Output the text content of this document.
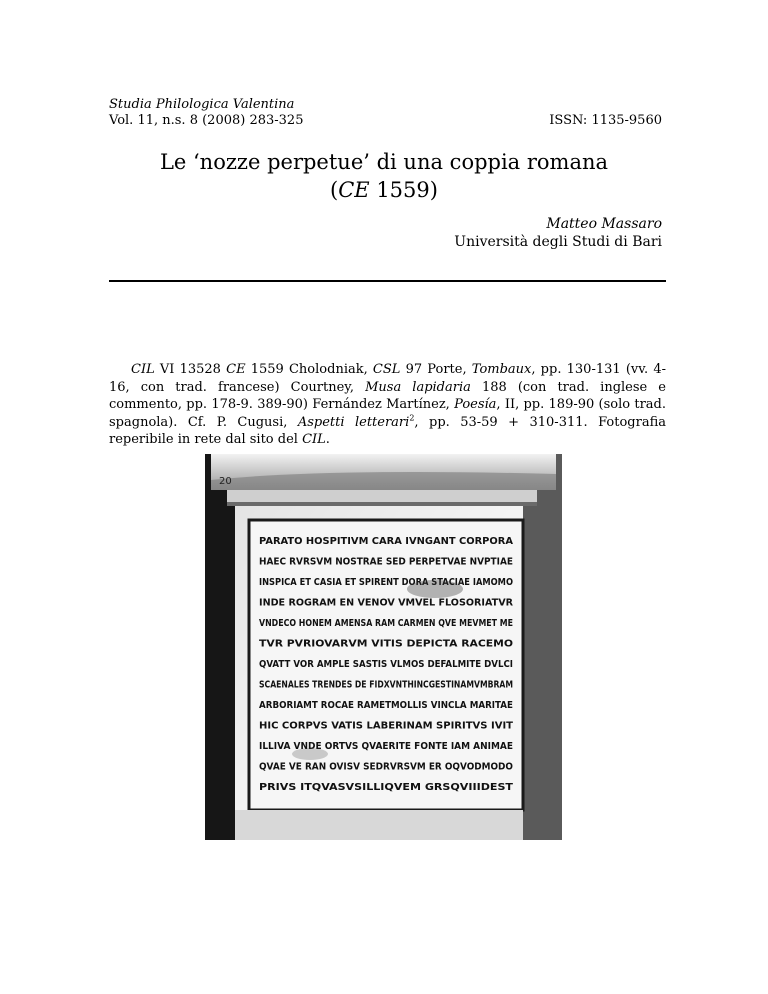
Studia Philologica Valentina
Vol. 11, n.s. 8 (2008) 283-325	ISSN: 1135-9560
Le ‘nozze perpetue’ di una coppia romana
(CE 1559)
Matteo Massaro
Università degli Studi di Bari
CIL VI 13528 CE 1559 Cholodniak, CSL 97 Porte, Tombaux, pp. 130-131 (vv. 4-16, con trad. francese) Courtney, Musa lapidaria 188 (con trad. inglese e commento, pp. 178-9. 389-90) Fernández Martínez, Poesía, II, pp. 189-90 (solo trad. spagnola). Cf. P. Cugusi, Aspetti letterari$^2$, pp. 53-59 + 310-311. Fotografia reperibile in rete dal sito del CIL.
20
PARATO HOSPITIVM CARA IVNGANT CORPORA
HAEC RVRSVM NOSTRAE SED PERPETVAE NVPTIAE
INSPICA ET CASIA ET SPIRENT DORA STACIAE IAMOMO
INDE ROGRAM EN VENOV VMVEL FLOSORIATVR
VNDECO HONEM AMENSA RAM CARMEN QVE MEVMET ME
TVR PVRIOVARVM VITIS DEPICTA RACEMO
QVATT VOR AMPLE SASTIS VLMOS DEFALMITE DVLCI
SCAENALES TRENDES DE FIDXVNTHINCGESTINAMVMBRAM
ARBORIAMT ROCAE RAMETMOLLIS VINCLA MARITAE
HIC CORPVS VATIS LABERINAM SPIRITVS IVIT
ILLIVA VNDE ORTVS QVAERITE FONTE IAM ANIMAE
QVAE VE RAN OVISV SEDRVRSVM ER OQVODMODO
PRIVS ITQVASVSILLIQVEM GRSQVIIIDEST
